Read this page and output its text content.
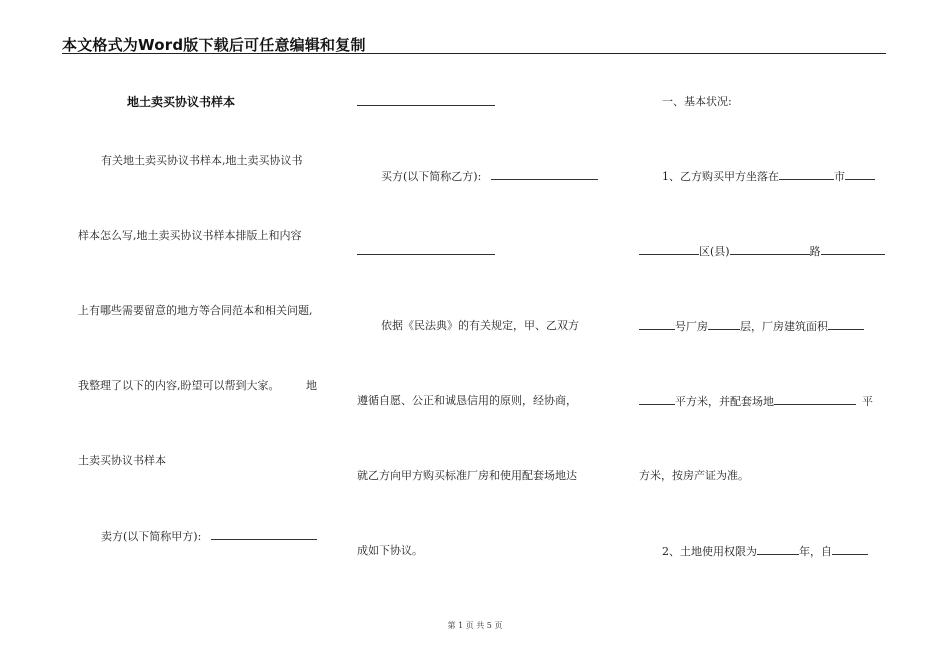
本文格式为Word版下载后可任意编辑和复制
地土卖买协议书样本
有关地土卖买协议书样本,地土卖买协议书
样本怎么写,地土卖买协议书样本排版上和内容
上有哪些需要留意的地方等合同范本和相关问题,
我整理了以下的内容,盼望可以帮到大家。 地
土卖买协议书样本
卖方(以下简称甲方):
买方(以下简称乙方):
依据《民法典》的有关规定，甲、乙双方
遵循自愿、公正和诚恳信用的原则，经协商，
就乙方向甲方购买标准厂房和使用配套场地达
成如下协议。
一、基本状况:
1、乙方购买甲方坐落在	市
区(县)	路
号厂房	层，厂房建筑面积
平方米，并配套场地	平
方米，按房产证为准。
2、土地使用权限为	年，自
第 1 页 共 5 页
